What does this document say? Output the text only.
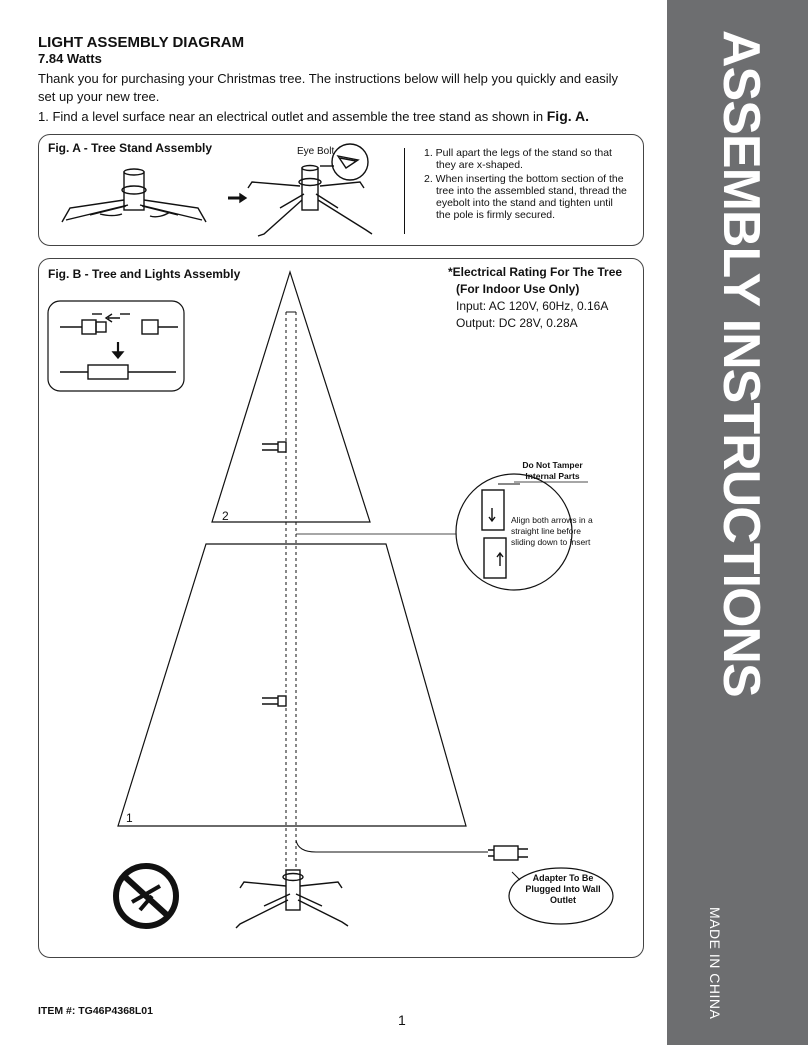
ASSEMBLY INSTRUCTIONS
MADE IN CHINA
LIGHT ASSEMBLY DIAGRAM
7.84 Watts
Thank you for purchasing your Christmas tree. The instructions below will help you quickly and easily set up your new tree.
1. Find a level surface near an electrical outlet and assemble the tree stand as shown in Fig. A.
Fig. A - Tree Stand Assembly	Eye Bolt	1. Pull apart the legs of the stand so that they are x-shaped.
2. When inserting the bottom section of the tree into the assembled stand, thread the eyebolt into the stand and tighten until the pole is firmly secured.
Fig. B - Tree and Lights Assembly	*Electrical Rating For The Tree
(For Indoor Use Only)
Input: AC 120V, 60Hz, 0.16A
Output: DC 28V, 0.28A
Do Not Tamper Internal Parts
Align both arrows in a straight line before sliding down to insert
Adapter To Be Plugged Into Wall Outlet
2
1
ITEM #: TG46P4368L01
1
